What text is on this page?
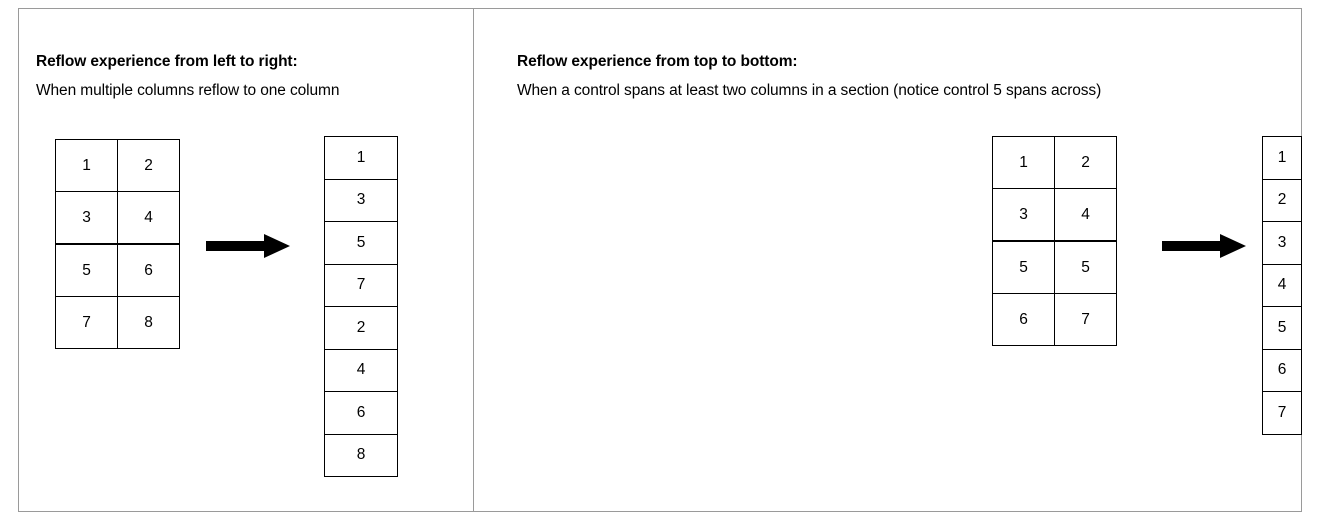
Reflow experience from left to right:
When multiple columns reflow to one column
1	2
3	4
5	6
7	8
1
3
5
7
2
4
6
8
Reflow experience from top to bottom:
When a control spans at least two columns in a section (notice control 5 spans across)
1	2
3	4
5	5
6	7
1
2
3
4
5
6
7
